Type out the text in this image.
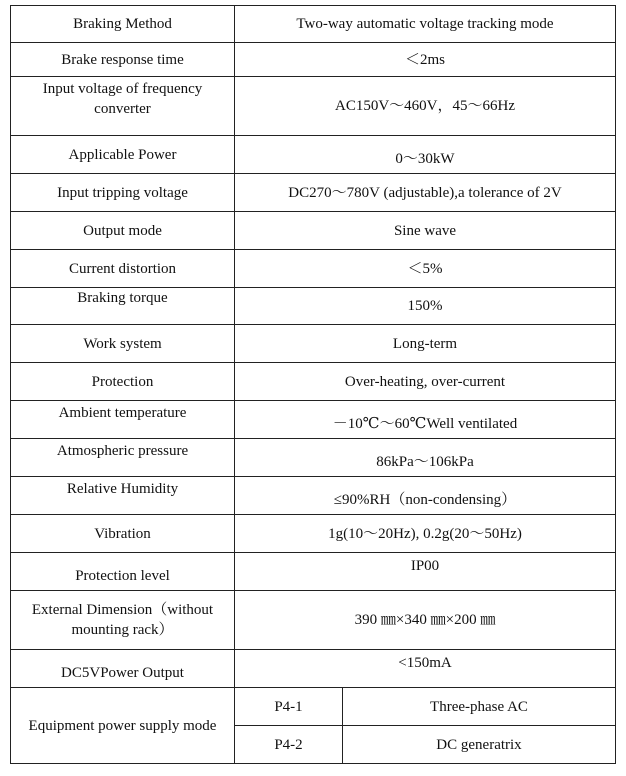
Braking Method	Two-way automatic voltage tracking mode	
Brake response time	＜2ms	
Input voltage of frequency converter	AC150V～460V，45～66Hz	
Applicable Power	0～30kW	
Input tripping voltage	DC270～780V (adjustable),a tolerance of 2V	
Output mode	Sine wave	
Current distortion	＜5%	
Braking torque	150%	
Work system	Long-term	
Protection	Over-heating, over-current	
Ambient temperature	－10℃～60℃Well ventilated	
Atmospheric pressure	86kPa～106kPa	
Relative Humidity	≤90%RH（non-condensing）	
Vibration	1g(10～20Hz), 0.2g(20～50Hz)	
Protection level	IP00	
External Dimension（without mounting rack）	390 ㎜×340 ㎜×200 ㎜	
DC5VPower Output	<150mA	
Equipment power supply mode	P4-1	Three-phase AC
	P4-2	DC generatrix
